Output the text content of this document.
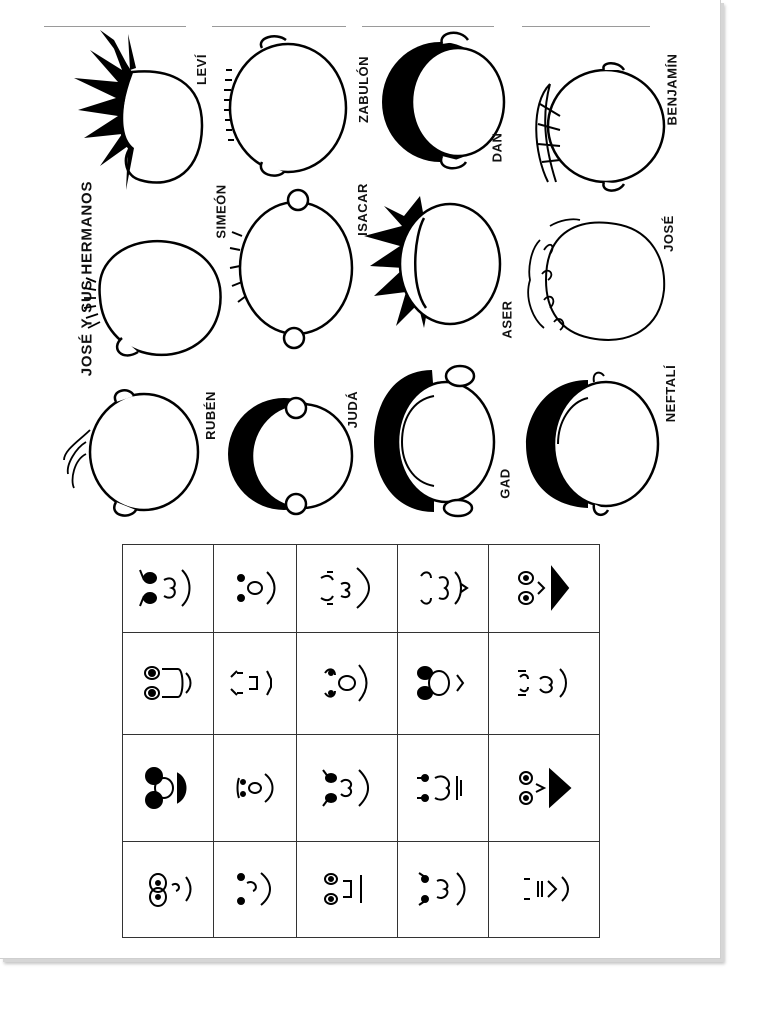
JOSÉ Y SUS HERMANOS
LEVÍ	ZABULÓN
DAN
BENJAMÍN
SIMEÓN	ISACAR
ASER
JOSÉ
RUBÉN	JUDÁ
GAD
NEFTALÍ
